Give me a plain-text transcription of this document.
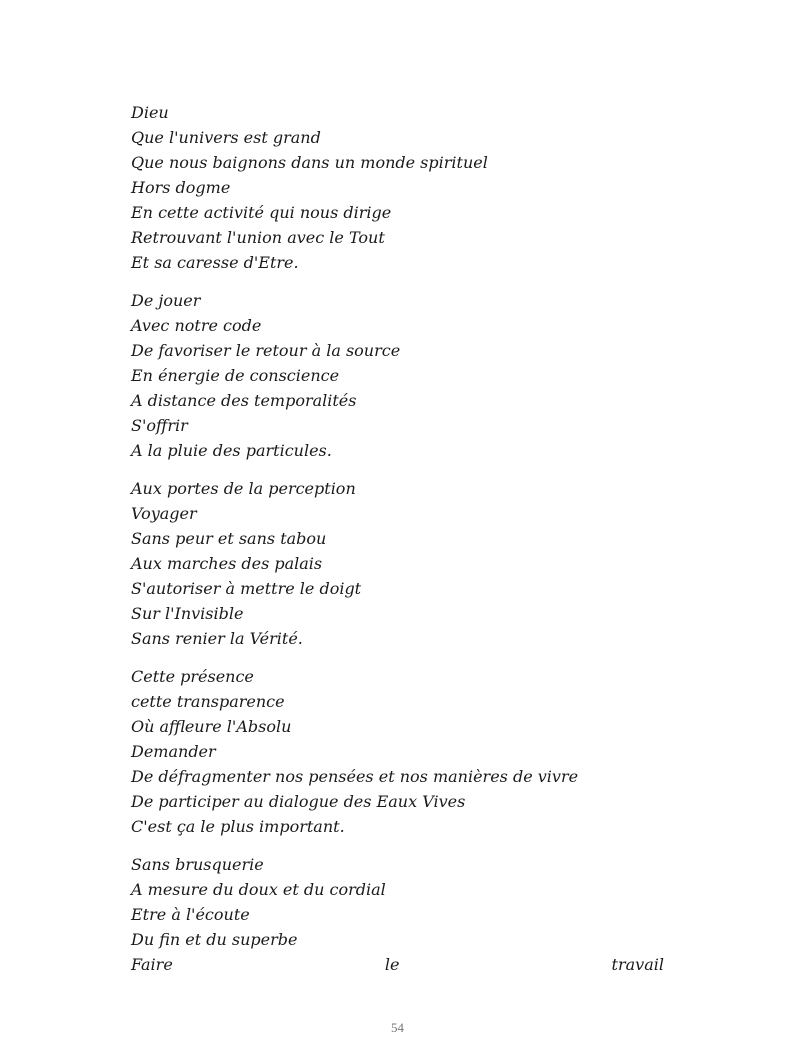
Dieu
Que l'univers est grand
Que nous baignons dans un monde spirituel
Hors dogme
En cette activité qui nous dirige
Retrouvant l'union avec le Tout
Et sa caresse d'Etre.
De jouer
Avec notre code
De favoriser le retour à la source
En énergie de conscience
A distance des temporalités
S'offrir
A la pluie des particules.
Aux portes de la perception
Voyager
Sans peur et sans tabou
Aux marches des palais
S'autoriser à mettre le doigt
Sur l'Invisible
Sans renier la Vérité.
Cette présence
cette transparence
Où affleure l'Absolu
Demander
De défragmenter nos pensées et nos manières de vivre
De participer au dialogue des Eaux Vives
C'est ça le plus important.
Sans brusquerie
A mesure du doux et du cordial
Etre à l'écoute
Du fin et du superbe
Faire	le	travail
54
